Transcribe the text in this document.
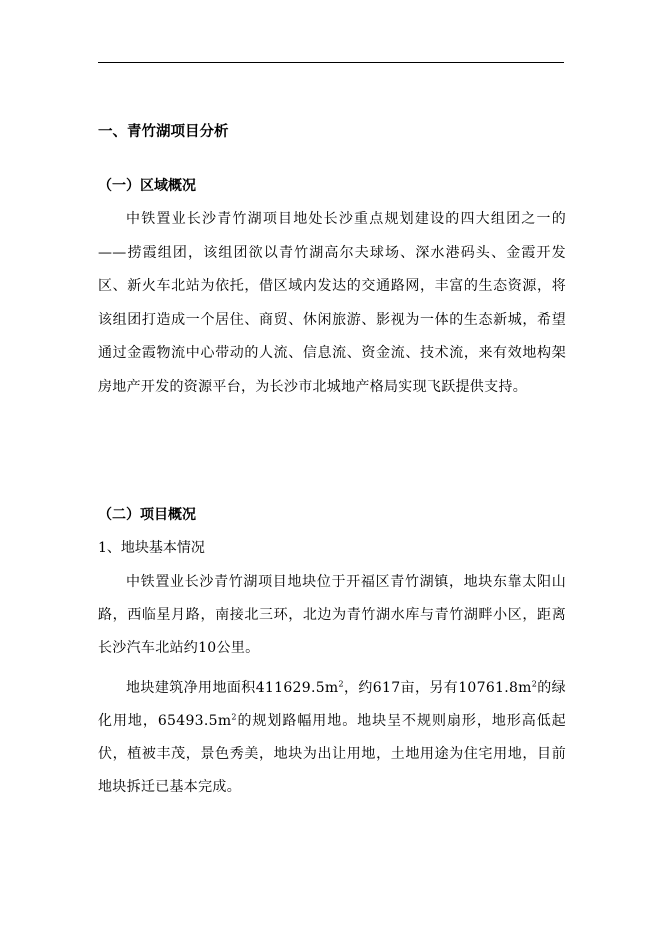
一、青竹湖项目分析
（一）区域概况
中铁置业长沙青竹湖项目地处长沙重点规划建设的四大组团之一的——捞霞组团，该组团欲以青竹湖高尔夫球场、深水港码头、金霞开发区、新火车北站为依托，借区域内发达的交通路网，丰富的生态资源，将该组团打造成一个居住、商贸、休闲旅游、影视为一体的生态新城，希望通过金霞物流中心带动的人流、信息流、资金流、技术流，来有效地构架房地产开发的资源平台，为长沙市北城地产格局实现飞跃提供支持。
（二）项目概况
1、地块基本情况
中铁置业长沙青竹湖项目地块位于开福区青竹湖镇，地块东靠太阳山路，西临星月路，南接北三环，北边为青竹湖水库与青竹湖畔小区，距离长沙汽车北站约10公里。
地块建筑净用地面积$411629.5m^2$，约617亩，另有$10761.8m^2$的绿化用地，$65493.5m^2$的规划路幅用地。地块呈不规则扇形，地形高低起伏，植被丰茂，景色秀美，地块为出让用地，土地用途为住宅用地，目前地块拆迁已基本完成。
